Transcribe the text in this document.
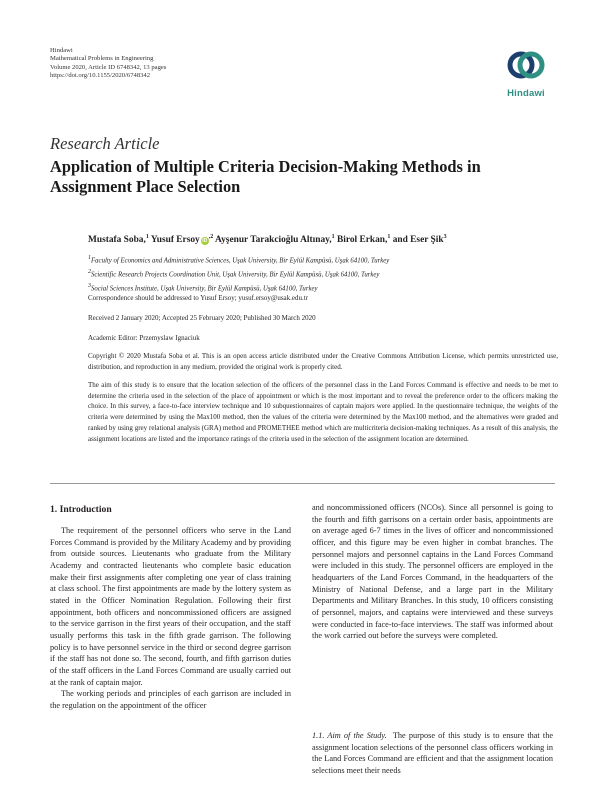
Hindawi
Mathematical Problems in Engineering
Volume 2020, Article ID 6748342, 13 pages
https://doi.org/10.1155/2020/6748342
Hindawi
Research Article
Application of Multiple Criteria Decision-Making Methods in Assignment Place Selection
Mustafa Soba,$^1$ Yusuf Ersoy $iD^{,2}$ Ayşenur Tarakcioğlu Altınay,$^1$ Birol Erkan,$^1$ and Eser Şik$^3$
$^1$Faculty of Economics and Administrative Sciences, Uşak University, Bir Eylül Kampüsü, Uşak 64100, Turkey
$^2$Scientific Research Projects Coordination Unit, Uşak University, Bir Eylül Kampüsü, Uşak 64100, Turkey
$^3$Social Sciences Institute, Uşak University, Bir Eylül Kampüsü, Uşak 64100, Turkey
Correspondence should be addressed to Yusuf Ersoy; yusuf.ersoy@usak.edu.tr
Received 2 January 2020; Accepted 25 February 2020; Published 30 March 2020
Academic Editor: Przemyslaw Ignaciuk
Copyright © 2020 Mustafa Soba et al. This is an open access article distributed under the Creative Commons Attribution License, which permits unrestricted use, distribution, and reproduction in any medium, provided the original work is properly cited.
The aim of this study is to ensure that the location selection of the officers of the personnel class in the Land Forces Command is effective and needs to be met to determine the criteria used in the selection of the place of appointment or which is the most important and to reveal the preference order to the officers making the choice. In this survey, a face-to-face interview technique and 10 subquestionnaires of captain majors were applied. In the questionnaire technique, the weights of the criteria were determined by using the Max100 method, then the values of the criteria were determined by the Max100 method, and the alternatives were graded and ranked by using grey relational analysis (GRA) method and PROMETHEE method which are multicriteria decision-making techniques. As a result of this analysis, the assignment locations are listed and the importance ratings of the criteria used in the selection of the assignment location are determined.
1. Introduction

The requirement of the personnel officers who serve in the Land Forces Command is provided by the Military Academy and by providing from outside sources. Lieutenants who graduate from the Military Academy and contracted lieutenants who complete basic education make their first assignments after completing one year of class training at class school. The first appointments are made by the lottery system as stated in the Officer Nomination Regulation. Following their first appointment, both officers and noncommissioned officers are assigned to the service garrison in the first years of their occupation, and the staff usually performs this task in the fifth grade garrison. The following policy is to have personnel service in the third or second degree garrison if the staff has not done so. The second, fourth, and fifth garrison duties of the staff officers in the Land Forces Command are usually carried out at the rank of captain major.

The working periods and principles of each garrison are included in the regulation on the appointment of the officer

and noncommissioned officers (NCOs). Since all personnel is going to the fourth and fifth garrisons on a certain order basis, appointments are on average aged 6-7 times in the lives of officer and noncommissioned officer, and this figure may be even higher in combat branches. The personnel majors and personnel captains in the Land Forces Command were included in this study. The personnel officers are employed in the headquarters of the Land Forces Command, in the headquarters of the Ministry of National Defense, and a large part in the Military Departments and Military Branches. In this study, 10 officers consisting of personnel, majors, and captains were interviewed and these surveys were conducted in face-to-face interviews. The staff was informed about the work carried out before the surveys were completed.

1.1. Aim of the Study. The purpose of this study is to ensure that the assignment location selections of the personnel class officers working in the Land Forces Command are efficient and that the assignment location selections meet their needs
